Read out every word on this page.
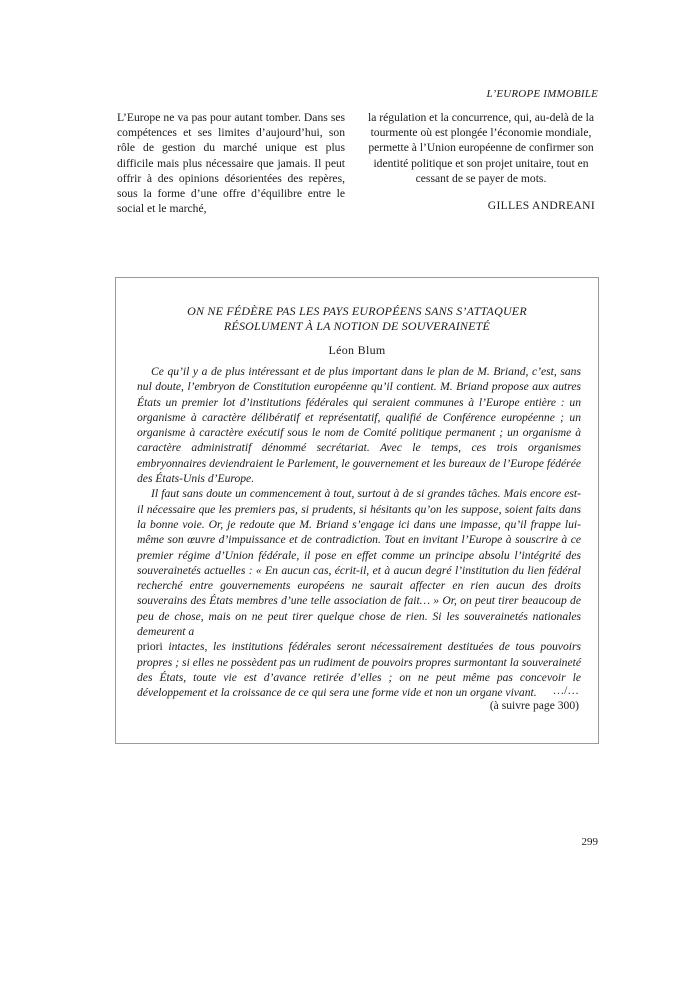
L’EUROPE IMMOBILE

L’Europe ne va pas pour autant tomber. Dans ses compétences et ses limites d’aujourd’hui, son rôle de gestion du marché unique est plus difficile mais plus nécessaire que jamais. Il peut offrir à des opinions désorientées des repères, sous la forme d’une offre d’équilibre entre le social et le marché,

la régulation et la concurrence, qui, au-delà de la tourmente où est plongée l’économie mondiale, permette à l’Union européenne de confirmer son identité politique et son projet unitaire, tout en cessant de se payer de mots.

GILLES ANDREANI

ON NE FÉDÈRE PAS LES PAYS EUROPÉENS SANS S’ATTAQUER
RÉSOLUMENT À LA NOTION DE SOUVERAINETÉ

Léon Blum

Ce qu’il y a de plus intéressant et de plus important dans le plan de M. Briand, c’est, sans nul doute, l’embryon de Constitution européenne qu’il contient. M. Briand propose aux autres États un premier lot d’institutions fédérales qui seraient communes à l’Europe entière : un organisme à caractère délibératif et représentatif, qualifié de Conférence européenne ; un organisme à caractère exécutif sous le nom de Comité politique permanent ; un organisme à caractère administratif dénommé secrétariat. Avec le temps, ces trois organismes embryonnaires deviendraient le Parlement, le gouvernement et les bureaux de l’Europe fédérée des États-Unis d’Europe.

Il faut sans doute un commencement à tout, surtout à de si grandes tâches. Mais encore est-il nécessaire que les premiers pas, si prudents, si hésitants qu’on les suppose, soient faits dans la bonne voie. Or, je redoute que M. Briand s’engage ici dans une impasse, qu’il frappe lui-même son œuvre d’impuissance et de contradiction. Tout en invitant l’Europe à souscrire à ce premier régime d’Union fédérale, il pose en effet comme un principe absolu l’intégrité des souverainetés actuelles : « En aucun cas, écrit-il, et à aucun degré l’institution du lien fédéral recherché entre gouvernements européens ne saurait affecter en rien aucun des droits souverains des États membres d’une telle association de fait… » Or, on peut tirer beaucoup de peu de chose, mais on ne peut tirer quelque chose de rien. Si les souverainetés nationales demeurent a
priori intactes, les institutions fédérales seront nécessairement destituées de tous pouvoirs propres ; si elles ne possèdent pas un rudiment de pouvoirs propres surmontant la souveraineté des États, toute vie est d’avance retirée d’elles ; on ne peut même pas concevoir le développement et la croissance de ce qui sera une forme vide et non un organe vivant.	…/…

(à suivre page 300)

299
